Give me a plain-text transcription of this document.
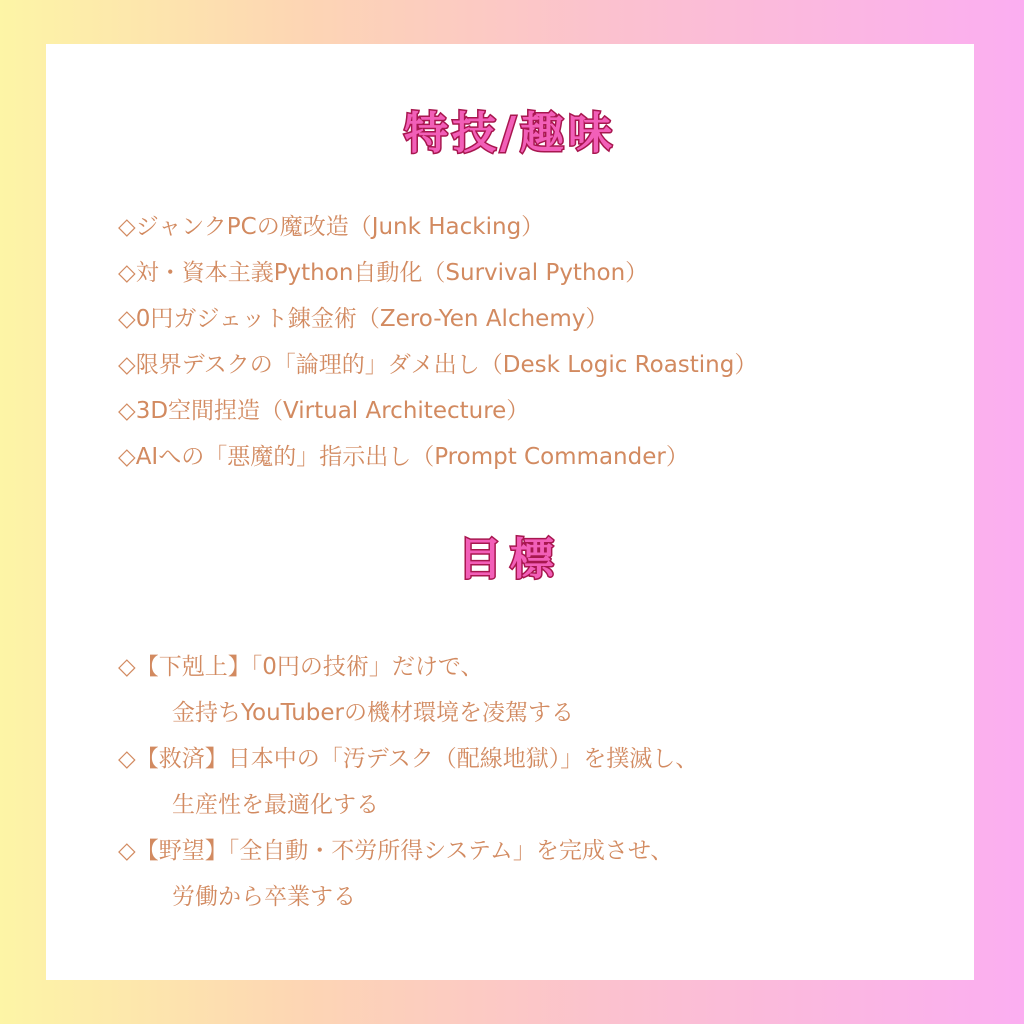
特技/趣味
◇ジャンクPCの魔改造（Junk Hacking）
◇対・資本主義Python自動化（Survival Python）
◇0円ガジェット錬金術（Zero-Yen Alchemy）
◇限界デスクの「論理的」ダメ出し（Desk Logic Roasting）
◇3D空間捏造（Virtual Architecture）
◇AIへの「悪魔的」指示出し（Prompt Commander）
目標
◇【下剋上】「0円の技術」だけで、
金持ちYouTuberの機材環境を凌駕する
◇【救済】日本中の「汚デスク（配線地獄）」を撲滅し、
生産性を最適化する
◇【野望】「全自動・不労所得システム」を完成させ、
労働から卒業する
